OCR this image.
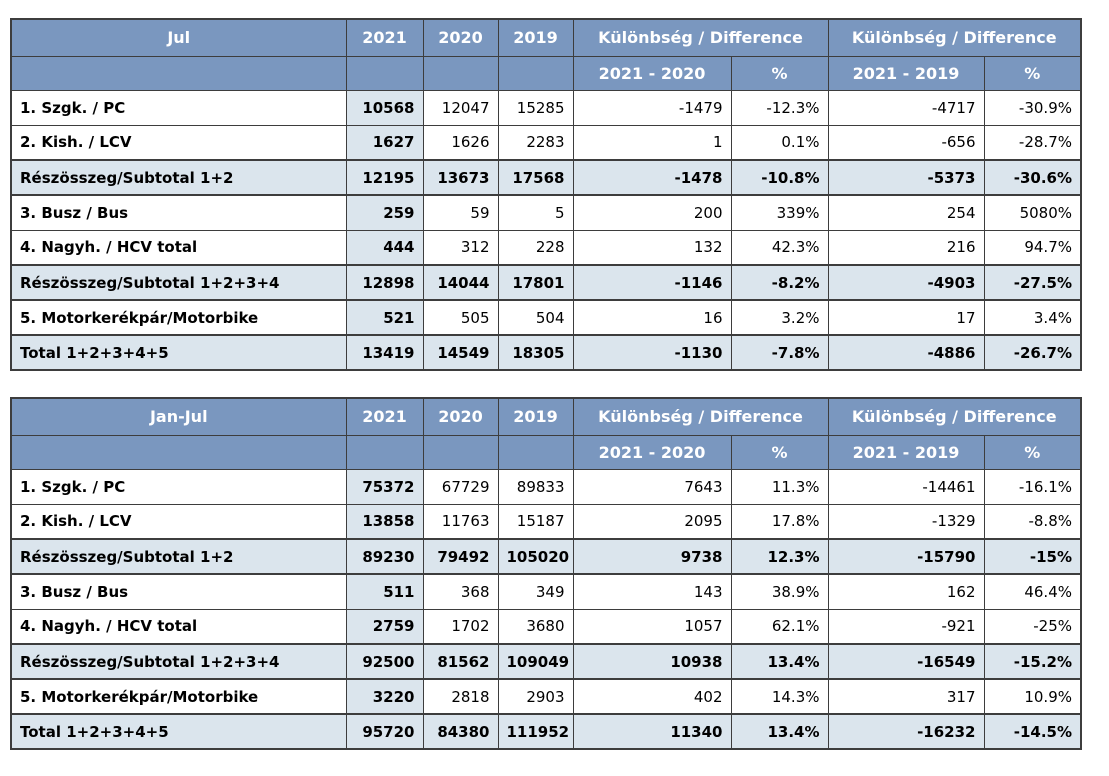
Jul	2021	2020	2019	Különbség / Difference		Különbség / Difference	
				2021 - 2020	%	2021 - 2019	%
1. Szgk. / PC	10568	12047	15285	-1479	-12.3%	-4717	-30.9%
2. Kish. / LCV	1627	1626	2283	1	0.1%	-656	-28.7%
Részösszeg/Subtotal 1+2	12195	13673	17568	-1478	-10.8%	-5373	-30.6%
3. Busz / Bus	259	59	5	200	339%	254	5080%
4. Nagyh. / HCV total	444	312	228	132	42.3%	216	94.7%
Részösszeg/Subtotal 1+2+3+4	12898	14044	17801	-1146	-8.2%	-4903	-27.5%
5. Motorkerékpár/Motorbike	521	505	504	16	3.2%	17	3.4%
Total 1+2+3+4+5	13419	14549	18305	-1130	-7.8%	-4886	-26.7%
Jan-Jul	2021	2020	2019	Különbség / Difference		Különbség / Difference	
				2021 - 2020	%	2021 - 2019	%
1. Szgk. / PC	75372	67729	89833	7643	11.3%	-14461	-16.1%
2. Kish. / LCV	13858	11763	15187	2095	17.8%	-1329	-8.8%
Részösszeg/Subtotal 1+2	89230	79492	105020	9738	12.3%	-15790	-15%
3. Busz / Bus	511	368	349	143	38.9%	162	46.4%
4. Nagyh. / HCV total	2759	1702	3680	1057	62.1%	-921	-25%
Részösszeg/Subtotal 1+2+3+4	92500	81562	109049	10938	13.4%	-16549	-15.2%
5. Motorkerékpár/Motorbike	3220	2818	2903	402	14.3%	317	10.9%
Total 1+2+3+4+5	95720	84380	111952	11340	13.4%	-16232	-14.5%
